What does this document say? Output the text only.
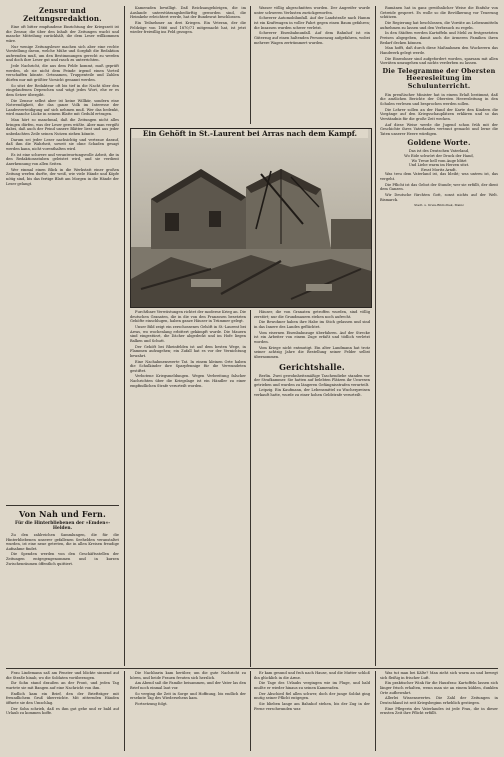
Zensur und Zeitungsredaktion.

Eine oft bitter empfundene Einrichtung der Kriegszeit ist die Zensur, die über den Inhalt der Zeitungen wacht und manche Mitteilung zurückhält, die dem Leser willkommen wäre.

Nur wenige Zeitungsleser machen sich aber eine rechte Vorstellung davon, welche Mühe und Sorgfalt die Redaktion aufwenden muß, um den Bestimmungen gerecht zu werden und doch ihre Leser gut und rasch zu unterrichten.

Jede Nachricht, die aus dem Felde kommt, muß geprüft werden, ob sie nicht dem Feinde irgend einen Vorteil verschaffen könnte. Ortsnamen, Truppenteile und Zahlen dürfen nur mit größter Vorsicht genannt werden.

So sitzt der Redakteur oft bis tief in die Nacht über den eingelaufenen Depeschen und wägt jedes Wort, ehe er es dem Setzer übergibt.

Die Zensur selbst aber ist keine Willkür, sondern eine Notwendigkeit, die das ganze Volk im Interesse der Landesverteidigung auf sich nehmen muß. Wer das bedenkt, wird manche Lücke in seinem Blatte mit Geduld ertragen.

Man hört so manchmal, daß die Zeitungen nicht alles bringen dürfen, was der Leser gern wüßte. Aber man vergißt dabei, daß auch der Feind unsere Blätter liest und aus jeder unbedachten Zeile seinen Nutzen ziehen könnte.

Darum sei jeder Leser nachsichtig und vertraue darauf, daß ihm die Wahrheit, soweit sie ohne Schaden gesagt werden kann, nicht vorenthalten wird.

Es ist eine schwere und verantwortungsvolle Arbeit, die in den Redaktionsstuben geleistet wird, und sie verdient Anerkennung von allen Seiten.

Wer einmal einen Blick in die Werkstatt einer großen Zeitung werfen durfte, der weiß, wie viele Hände und Köpfe nötig sind, bis das fertige Blatt am Morgen in die Hände der Leser gelangt.

Von Nah und Fern.
Für die Hinterbliebenen der »Emden«-Helden.

Zu den zahlreichen Sammlungen, die für die Hinterbliebenen unserer gefallenen Seehelden veranstaltet wurden, ist eine neue getreten, die in allen Kreisen freudige Aufnahme findet.

Die Spenden werden von den Geschäftsstellen der Zeitungen entgegengenommen und in kurzen Zwischenräumen öffentlich quittiert.

Kameraden bewilligt. Daß Reichsangehörigen, die im Auslande unterstützungsbedürftig geworden sind, die Heimkehr erleichtert werde, hat der Bundesrat beschlossen.

Ein Teilnehmer an drei Kriegen. Ein Veteran, der die Feldzüge von 1866 und 1870/71 mitgemacht hat, ist jetzt wieder freiwillig ins Feld gezogen.

Wasser völlig abgeschnitten worden. Der Angreifer wurde unter schweren Verlusten zurückgeworfen.

Schwerer Automobilunfall. Auf der Landstraße nach Hamm ist ein Kraftwagen in voller Fahrt gegen einen Baum gefahren; die Insassen wurden schwer verletzt.

Schwerer Eisenbahnunfall. Auf dem Bahnhof ist ein Güterzug auf einen haltenden Personenzug aufgefahren, wobei mehrere Wagen zertrümmert wurden.

Ein Gehöft in St.-Laurent bei Arras nach dem Kampf.

Furchtbare Verwüstungen richtet der moderne Krieg an. Die deutschen Granaten, die in die von den Franzosen besetzten Gehöfte einschlugen, haben ganze Häuser in Trümmer gelegt.

Unser Bild zeigt ein zerschossenes Gehöft in St.-Laurent bei Arras, wo wochenlang erbittert gekämpft wurde. Die Mauern sind eingestürzt, die Dächer abgedeckt und im Hofe liegen Balken und Schutt.

Der Gehöft bei Rheinfelden ist auf dem besten Wege, in Flammen aufzugehen; ein Zufall hat es vor der Vernichtung bewahrt.

Eine Nachahmenswerte Tat. In einem kleinen Orte haben die Schulkinder ihre Sparpfennige für die Verwundeten gestiftet.

Verbotene Kriegsmeldungen. Wegen Verbreitung falscher Nachrichten über die Kriegslage ist ein Händler zu einer empfindlichen Strafe verurteilt worden.

Häuser, die von Granaten getroffen wurden, sind völlig zerstört; nur die Grundmauern stehen noch aufrecht.

Die Bewohner haben ihre Habe im Stich gelassen und sind in das Innere des Landes geflüchtet.

Vom eisernen Eisenbahnzuge überfahren. Auf der Strecke ist ein Arbeiter von einem Zuge erfaßt und tödlich verletzt worden.

Vom Kriege nicht entmutigt. Ein alter Landmann hat trotz seiner achtzig Jahre die Bestellung seiner Felder selbst übernommen.

Gerichtshalle.

Berlin. Zwei gewohnheitsmäßige Taschendiebe standen vor der Strafkammer. Sie hatten auf belebten Plätzen ihr Unwesen getrieben und wurden zu längeren Gefängnisstrafen verurteilt.

Leipzig. Ein Kaufmann, der Lebensmittel zu Wucherpreisen verkauft hatte, wurde zu einer hohen Geldstrafe verurteilt.

Rumänen hat in ganz gewöhnlicher Weise die Einfuhr von Getreide gesperrt. Es wolle so die Bevölkerung vor Teuerung schützen.

Die Regierung hat beschlossen, die Vorräte an Lebensmitteln aufnehmen zu lassen und den Verbrauch zu regeln.

In den Städten werden Kartoffeln und Mehl zu festgesetzten Preisen abgegeben, damit auch die ärmeren Familien ihren Bedarf decken können.

Man hofft, daß durch diese Maßnahmen den Wucherern das Handwerk gelegt werde.

Die Einwohner sind aufgefordert worden, sparsam mit allen Vorräten umzugehen und nichts verderben zu lassen.

Die Telegramme der Obersten Heeresleitung im Schulunterricht.

Ein preußischer Minister hat in einem Erlaß bestimmt, daß die amtlichen Berichte der Obersten Heeresleitung in den Schulen verlesen und besprochen werden sollen.

Die Lehrer sollen an der Hand der Karte den Kindern die Vorgänge auf den Kriegsschauplätzen erklären und so das Verständnis für die große Zeit wecken.

Auf diese Weise werde die Jugend schon früh mit der Geschichte ihres Vaterlandes vertraut gemacht und lerne die Taten unserer Heere würdigen.

Goldene Worte.
Das ist des Deutschen Vaterland,
Wo Eide schwört der Druck der Hand,
Wo Treue hell vom Auge blitzt
Und Liebe warm im Herzen sitzt.
Ernst Moritz Arndt.

Was treu dem Vaterland ist, das bleibt; was untreu ist, das vergeht.

Die Pflicht ist das Gebot der Stunde; wer sie erfüllt, der dient dem Ganzen.

Wir Deutsche fürchten Gott, sonst nichts auf der Welt. Bismarck.

Stadt- u. Kreis-Bibliothek, Mainz

Frau Lindemann saß am Fenster und blickte sinnend auf die Straße hinab, wo die Soldaten vorüberzogen.

Ihr Sohn stand draußen an der Front, und jeden Tag wartete sie mit Bangen auf eine Nachricht von ihm.

Endlich kam ein Brief, den der Briefträger mit freundlichem Gruß überreichte. Mit zitternden Händen öffnete sie den Umschlag.

Der Sohn schrieb, daß es ihm gut gehe und er bald auf Urlaub zu kommen hoffe.

Die Nachbarin kam herüber, um die gute Nachricht zu hören, und beide Frauen freuten sich herzlich.

Am Abend saß die Familie beisammen, und der Vater las den Brief noch einmal laut vor.

So verging die Zeit in Sorge und Hoffnung, bis endlich der ersehnte Tag des Wiedersehens kam.

Fortsetzung folgt.

Er kam gesund und froh nach Hause, und die Mutter schloß ihn glücklich in die Arme.

Die Tage des Urlaubs vergingen wie im Fluge, und bald mußte er wieder hinaus zu seinen Kameraden.

Der Abschied fiel allen schwer, doch der junge Soldat ging mutig seiner Pflicht entgegen.

Sie blieben lange am Bahnhof stehen, bis der Zug in der Ferne verschwunden war.

Was tut man bei Kälte? Man zieht sich warm an und bewegt sich fleißig in frischer Luft.

Ein praktischer Wink für die Hausfrau: Kartoffeln lassen sich länger frisch erhalten, wenn man sie an einem kühlen, dunklen Orte aufbewahrt.

Allerlei Wissenswertes. Die Zahl der Zeitungen in Deutschland ist seit Kriegsbeginn erheblich gestiegen.

Eine Pflegerin des Vaterlandes ist jede Frau, die in dieser ernsten Zeit ihre Pflicht erfüllt.
